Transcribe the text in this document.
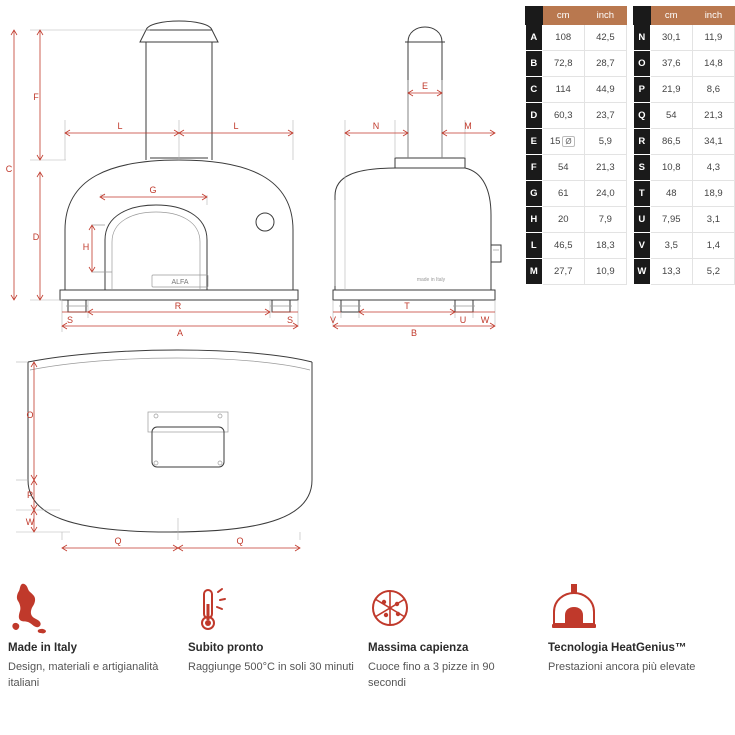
ALFA
C
F
D
L	L
G
H
R
A
S	S
made in Italy
N	M
E
T
B
V	U W
O
P
W
Q	Q
	cm	inch			cm	inch
A	108	42,5		N	30,1	11,9
B	72,8	28,7		O	37,6	14,8
C	114	44,9		P	21,9	8,6
D	60,3	23,7		Q	54	21,3
E	15 Ø	5,9		R	86,5	34,1
F	54	21,3		S	10,8	4,3
G	61	24,0		T	48	18,9
H	20	7,9		U	7,95	3,1
L	46,5	18,3		V	3,5	1,4
M	27,7	10,9		W	13,3	5,2
Made in Italy

Design, materiali e artigianalità italiani

Subito pronto

Raggiunge 500°C in soli 30 minuti

Massima capienza

Cuoce fino a 3 pizze in 90 secondi

Tecnologia HeatGenius™

Prestazioni ancora più elevate
